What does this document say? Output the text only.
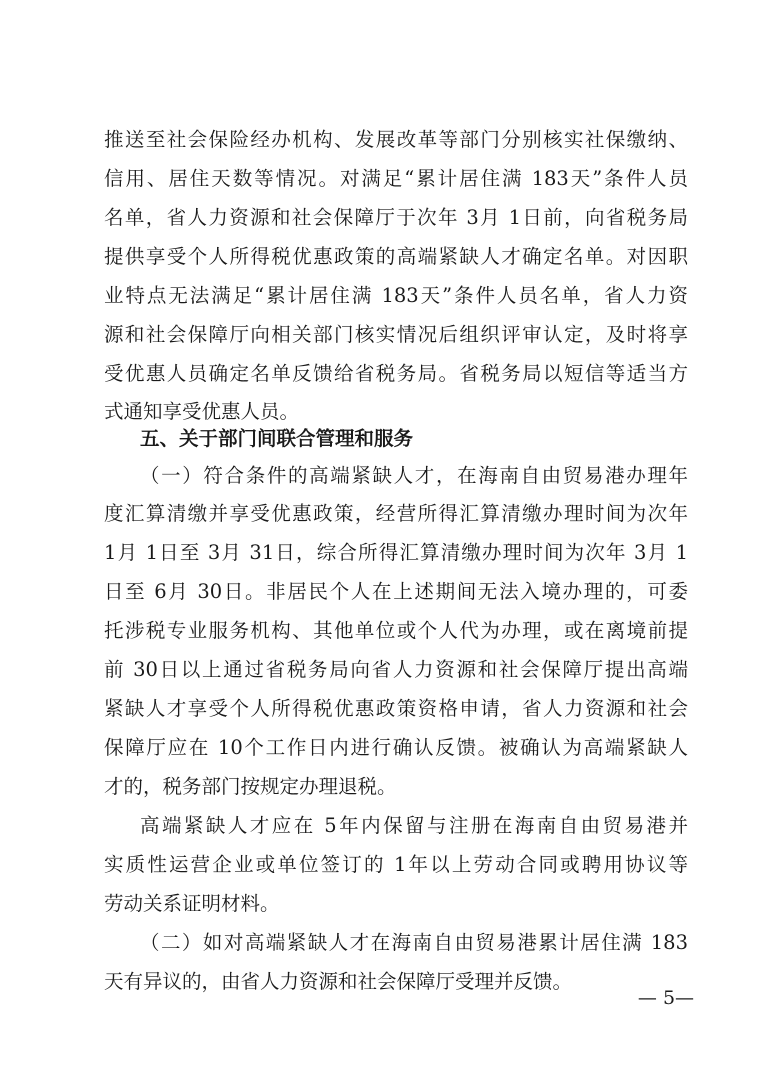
推送至社会保险经办机构、发展改革等部门分别核实社保缴纳、
信用、居住天数等情况。对满足“累计居住满 183天”条件人员
名单，省人力资源和社会保障厅于次年 3月 1日前，向省税务局
提供享受个人所得税优惠政策的高端紧缺人才确定名单。对因职
业特点无法满足“累计居住满 183天”条件人员名单，省人力资
源和社会保障厅向相关部门核实情况后组织评审认定，及时将享
受优惠人员确定名单反馈给省税务局。省税务局以短信等适当方
式通知享受优惠人员。
五、关于部门间联合管理和服务
（一）符合条件的高端紧缺人才，在海南自由贸易港办理年
度汇算清缴并享受优惠政策，经营所得汇算清缴办理时间为次年
1月 1日至 3月 31日，综合所得汇算清缴办理时间为次年 3月 1
日至 6月 30日。非居民个人在上述期间无法入境办理的，可委
托涉税专业服务机构、其他单位或个人代为办理，或在离境前提
前 30日以上通过省税务局向省人力资源和社会保障厅提出高端
紧缺人才享受个人所得税优惠政策资格申请，省人力资源和社会
保障厅应在 10个工作日内进行确认反馈。被确认为高端紧缺人
才的，税务部门按规定办理退税。
高端紧缺人才应在 5年内保留与注册在海南自由贸易港并
实质性运营企业或单位签订的 1年以上劳动合同或聘用协议等
劳动关系证明材料。
（二）如对高端紧缺人才在海南自由贸易港累计居住满 183
天有异议的，由省人力资源和社会保障厅受理并反馈。
— 5—
